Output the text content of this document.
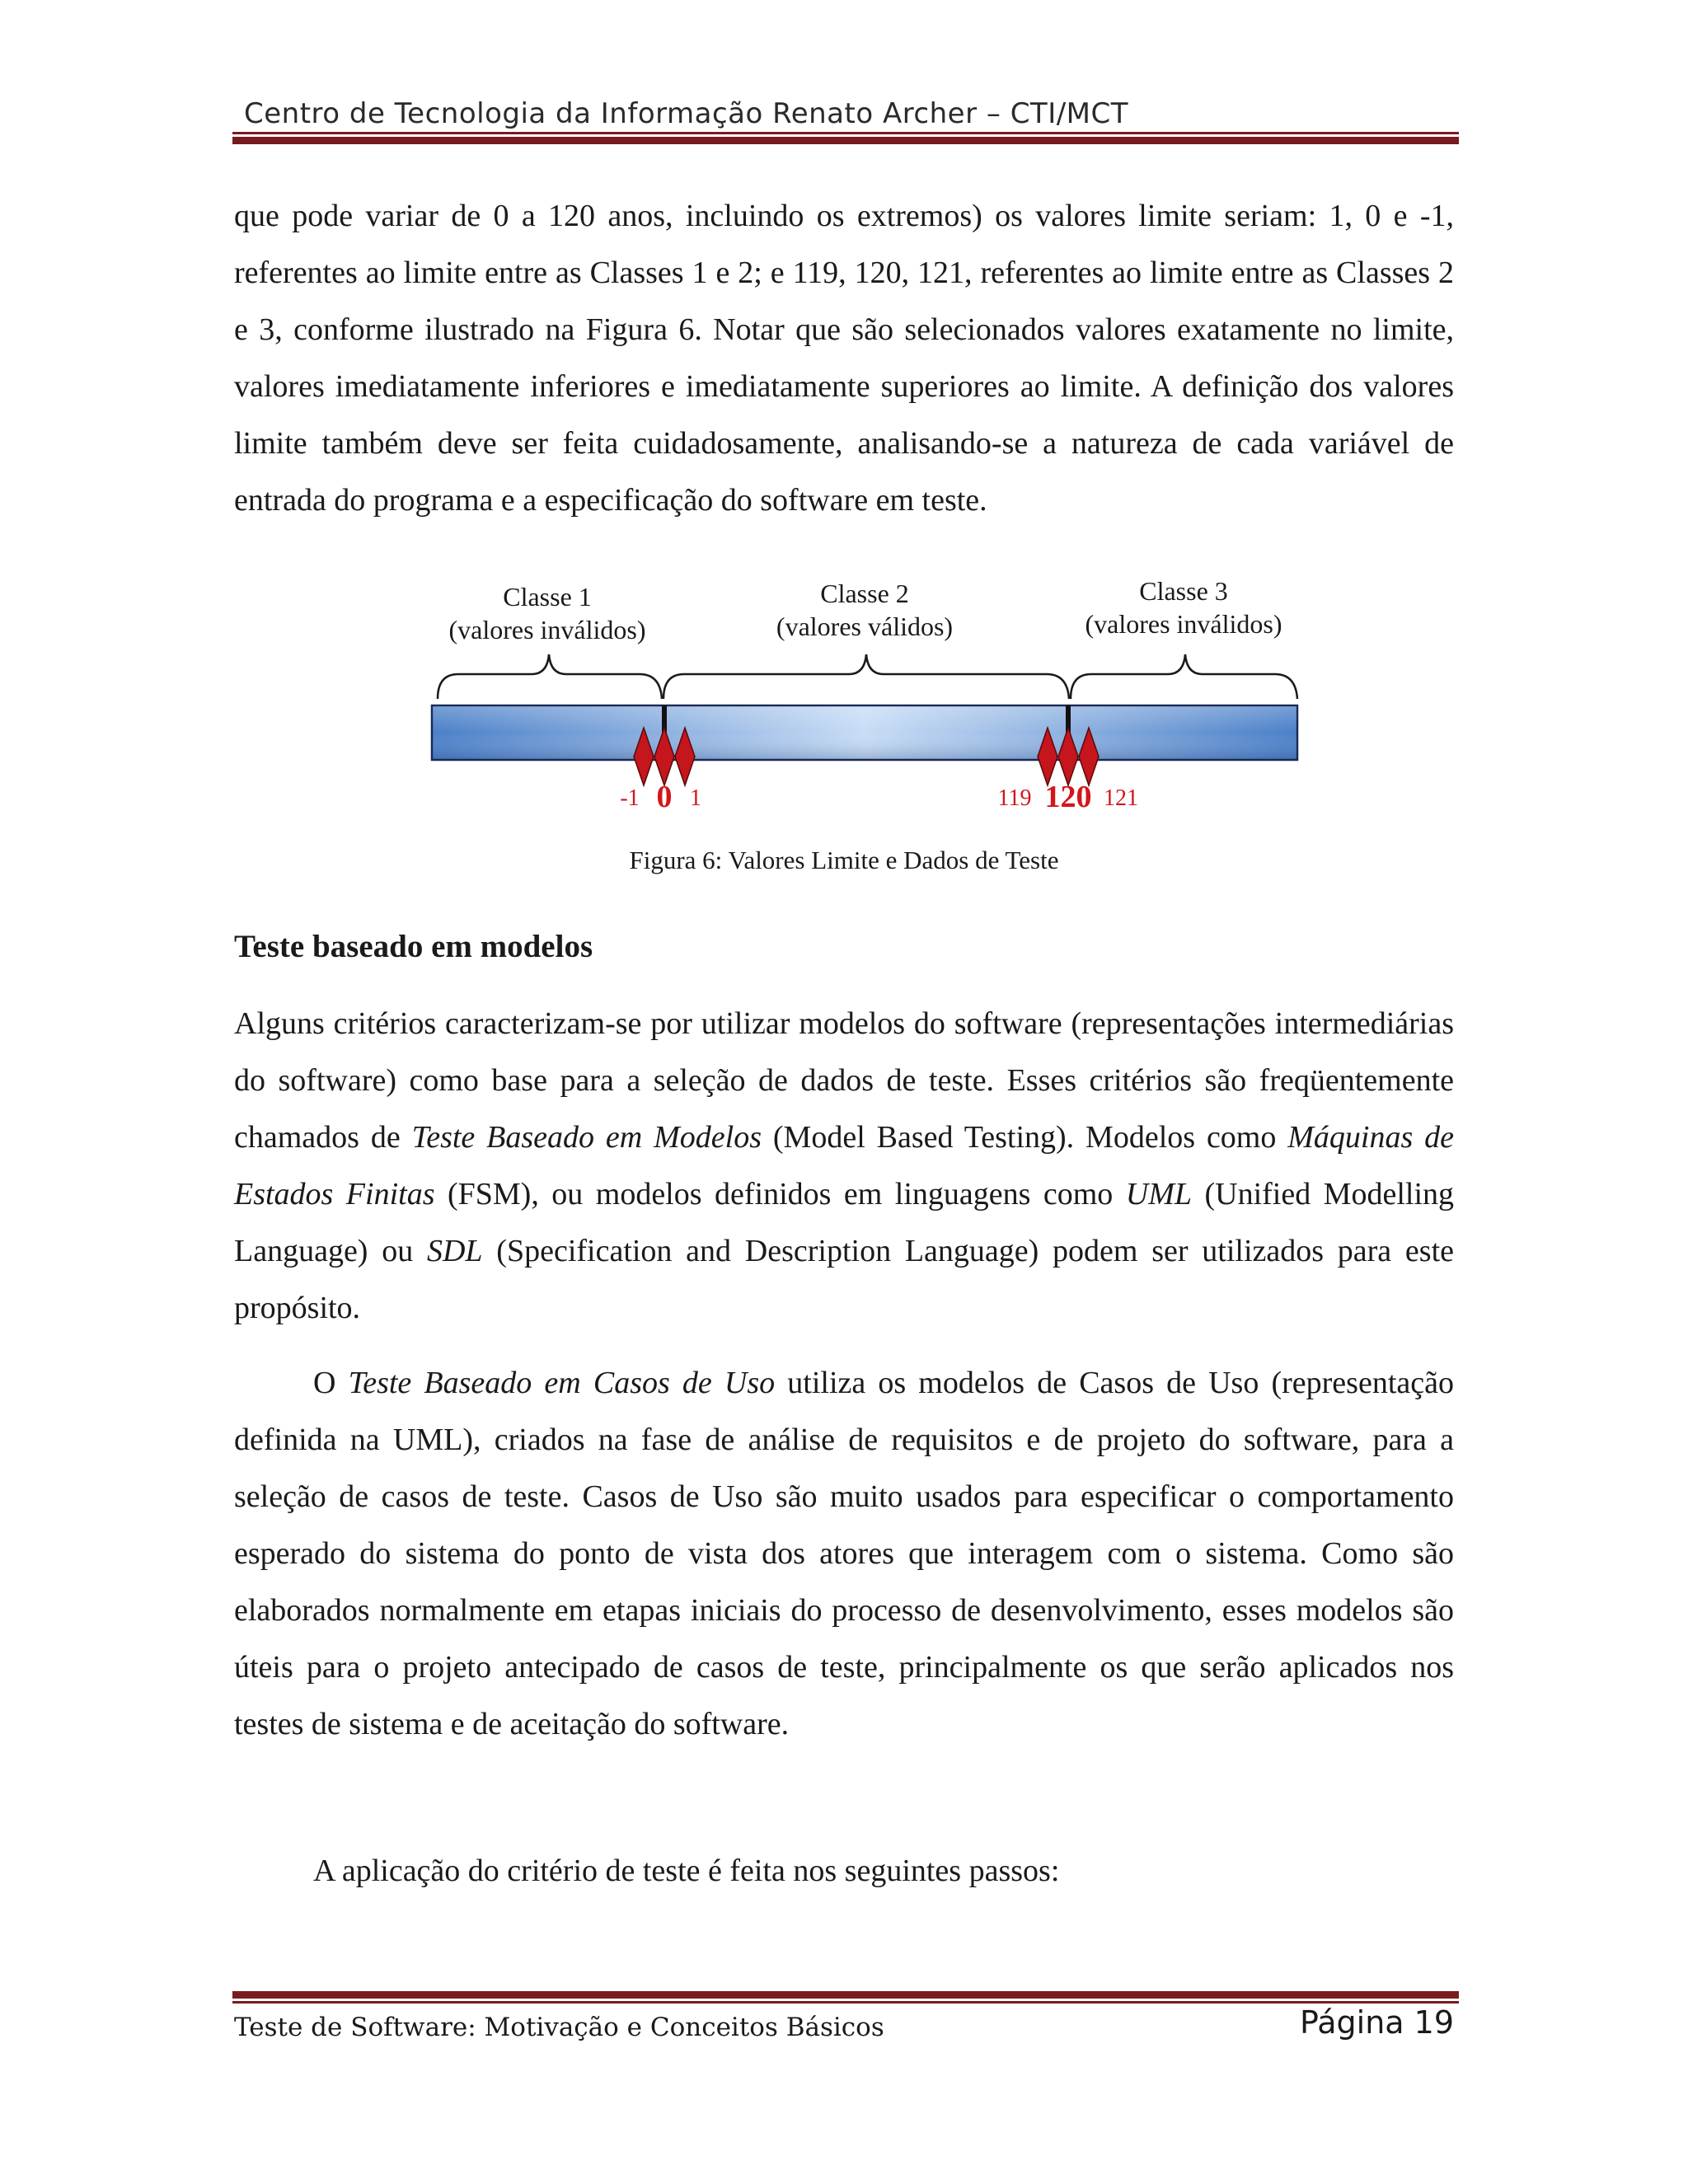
Centro de Tecnologia da Informação Renato Archer – CTI/MCT

que pode variar de 0 a 120 anos, incluindo os extremos) os valores limite seriam: 1, 0 e -1, referentes ao limite entre as Classes 1 e 2; e 119, 120, 121, referentes ao limite entre as Classes 2 e 3, conforme ilustrado na Figura 6. Notar que são selecionados valores exatamente no limite, valores imediatamente inferiores e imediatamente superiores ao limite. A definição dos valores limite também deve ser feita cuidadosamente, analisando-se a natureza de cada variável de entrada do programa e a especificação do software em teste.

Classe 1
(valores inválidos)
Classe 2
(valores válidos)
Classe 3
(valores inválidos)
-1 0 1	119 120 121
Figura 6: Valores Limite e Dados de Teste
Teste baseado em modelos

Alguns critérios caracterizam-se por utilizar modelos do software (representações intermediárias do software) como base para a seleção de dados de teste. Esses critérios são freqüentemente chamados de Teste Baseado em Modelos (Model Based Testing). Modelos como Máquinas de Estados Finitas (FSM), ou modelos definidos em linguagens como UML (Unified Modelling Language) ou SDL (Specification and Description Language) podem ser utilizados para este propósito.

O Teste Baseado em Casos de Uso utiliza os modelos de Casos de Uso (representação definida na UML), criados na fase de análise de requisitos e de projeto do software, para a seleção de casos de teste. Casos de Uso são muito usados para especificar o comportamento esperado do sistema do ponto de vista dos atores que interagem com o sistema. Como são elaborados normalmente em etapas iniciais do processo de desenvolvimento, esses modelos são úteis para o projeto antecipado de casos de teste, principalmente os que serão aplicados nos testes de sistema e de aceitação do software.

A aplicação do critério de teste é feita nos seguintes passos:

Teste de Software: Motivação e Conceitos Básicos	Página 19
